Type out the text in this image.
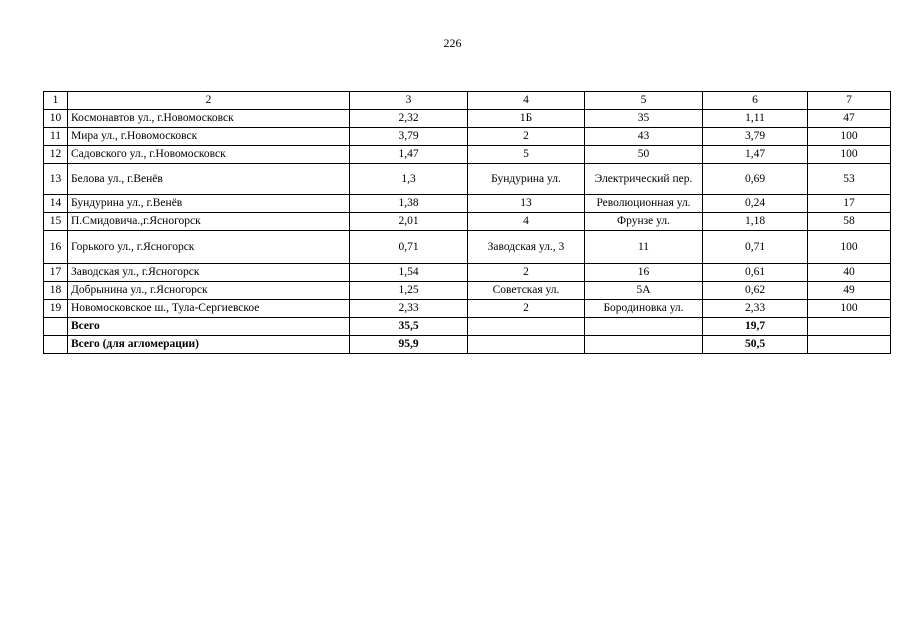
226
1	2	3	4	5	6	7
10	Космонавтов ул., г.Новомосковск	2,32	1Б	35	1,11	47
11	Мира ул., г.Новомосковск	3,79	2	43	3,79	100
12	Садовского ул., г.Новомосковск	1,47	5	50	1,47	100
13	Белова ул., г.Венёв	1,3	Бундурина ул.	Электрический пер.	0,69	53
14	Бундурина ул., г.Венёв	1,38	13	Революционная ул.	0,24	17
15	П.Смидовича.,г.Ясногорск	2,01	4	Фрунзе ул.	1,18	58
16	Горького ул., г.Ясногорск	0,71	Заводская ул., 3	11	0,71	100
17	Заводская ул., г.Ясногорск	1,54	2	16	0,61	40
18	Добрынина ул., г.Ясногорск	1,25	Советская ул.	5А	0,62	49
19	Новомосковское ш., Тула-Сергиевское	2,33	2	Бородиновка ул.	2,33	100
	Всего	35,5			19,7	
	Всего (для агломерации)	95,9			50,5	
